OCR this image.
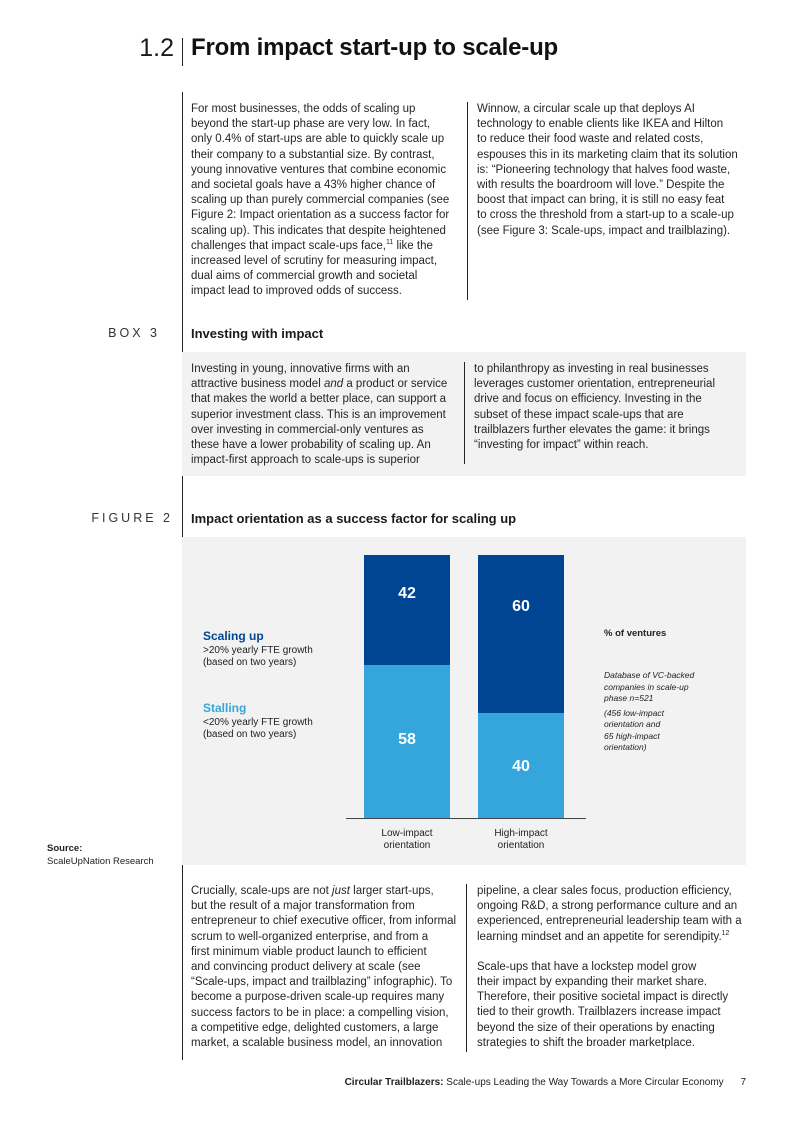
1.2 From impact start-up to scale-up

For most businesses, the odds of scaling up

beyond the start-up phase are very low. In fact,

only 0.4% of start-ups are able to quickly scale up

their company to a substantial size. By contrast,

young innovative ventures that combine economic

and societal goals have a 43% higher chance of

scaling up than purely commercial companies (see

Figure 2: Impact orientation as a success factor for

scaling up). This indicates that despite heightened

challenges that impact scale-ups face,$^{11}$ like the

increased level of scrutiny for measuring impact,

dual aims of commercial growth and societal

impact lead to improved odds of success.

Winnow, a circular scale up that deploys AI

technology to enable clients like IKEA and Hilton

to reduce their food waste and related costs,

espouses this in its marketing claim that its solution

is: “Pioneering technology that halves food waste,

with results the boardroom will love.” Despite the

boost that impact can bring, it is still no easy feat

to cross the threshold from a start-up to a scale-up

(see Figure 3: Scale-ups, impact and trailblazing).

BOX 3 Investing with impact

Investing in young, innovative firms with an

attractive business model and a product or service

that makes the world a better place, can support a

superior investment class. This is an improvement

over investing in commercial-only ventures as

these have a lower probability of scaling up. An

impact-first approach to scale-ups is superior

to philanthropy as investing in real businesses

leverages customer orientation, entrepreneurial

drive and focus on efficiency. Investing in the

subset of these impact scale-ups that are

trailblazers further elevates the game: it brings

“investing for impact” within reach.

FIGURE 2 Impact orientation as a success factor for scaling up
Scaling up
>20% yearly FTE growth
(based on two years)
Stalling
<20% yearly FTE growth
(based on two years)	58
42
Low-impact
orientation
40
60
High-impact
orientation
% of ventures
Database of VC-backed
companies in scale-up
phase n=521
(456 low-impact
orientation and
65 high-impact
orientation)
Source:
ScaleUpNation Research

Crucially, scale-ups are not just larger start-ups,

but the result of a major transformation from

entrepreneur to chief executive officer, from informal

scrum to well-organized enterprise, and from a

first minimum viable product launch to efficient

and convincing product delivery at scale (see

“Scale-ups, impact and trailblazing” infographic). To

become a purpose-driven scale-up requires many

success factors to be in place: a compelling vision,

a competitive edge, delighted customers, a large

market, a scalable business model, an innovation

pipeline, a clear sales focus, production efficiency,

ongoing R&D, a strong performance culture and an

experienced, entrepreneurial leadership team with a

learning mindset and an appetite for serendipity.$^{12}$

Scale-ups that have a lockstep model grow

their impact by expanding their market share.

Therefore, their positive societal impact is directly

tied to their growth. Trailblazers increase impact

beyond the size of their operations by enacting

strategies to shift the broader marketplace.

Circular Trailblazers: Scale-ups Leading the Way Towards a More Circular Economy 7
